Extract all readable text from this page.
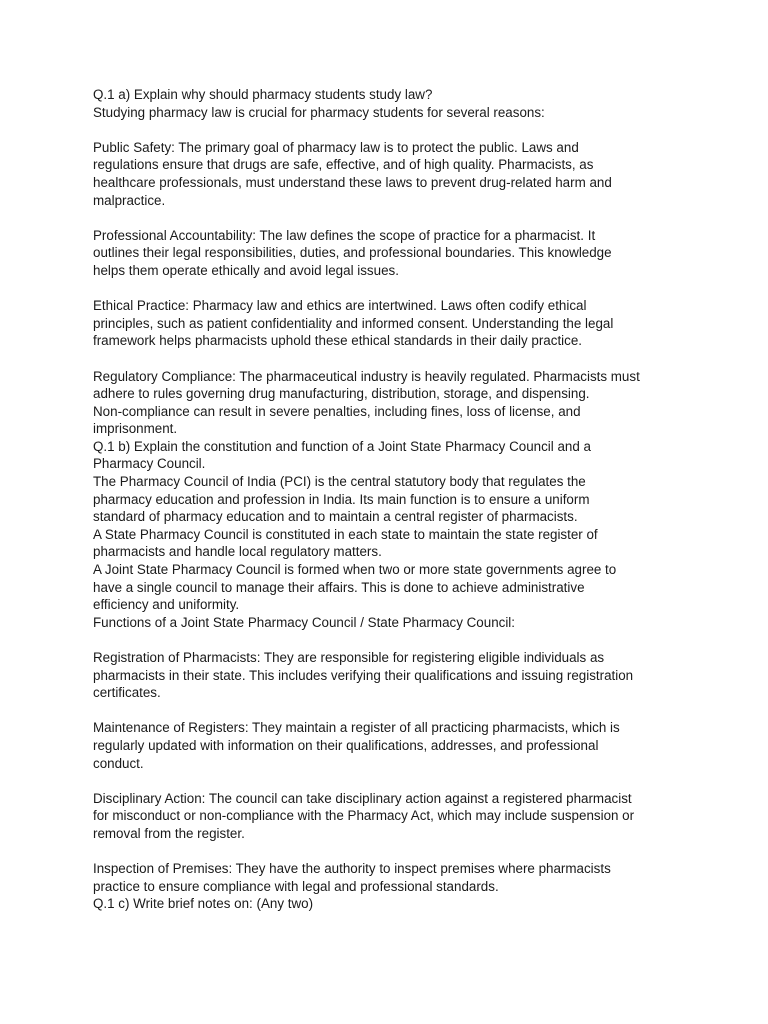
Q.1 a) Explain why should pharmacy students study law?
Studying pharmacy law is crucial for pharmacy students for several reasons:
Public Safety: The primary goal of pharmacy law is to protect the public. Laws and
regulations ensure that drugs are safe, effective, and of high quality. Pharmacists, as
healthcare professionals, must understand these laws to prevent drug-related harm and
malpractice.
Professional Accountability: The law defines the scope of practice for a pharmacist. It
outlines their legal responsibilities, duties, and professional boundaries. This knowledge
helps them operate ethically and avoid legal issues.
Ethical Practice: Pharmacy law and ethics are intertwined. Laws often codify ethical
principles, such as patient confidentiality and informed consent. Understanding the legal
framework helps pharmacists uphold these ethical standards in their daily practice.
Regulatory Compliance: The pharmaceutical industry is heavily regulated. Pharmacists must
adhere to rules governing drug manufacturing, distribution, storage, and dispensing.
Non-compliance can result in severe penalties, including fines, loss of license, and
imprisonment.
Q.1 b) Explain the constitution and function of a Joint State Pharmacy Council and a
Pharmacy Council.
The Pharmacy Council of India (PCI) is the central statutory body that regulates the
pharmacy education and profession in India. Its main function is to ensure a uniform
standard of pharmacy education and to maintain a central register of pharmacists.
A State Pharmacy Council is constituted in each state to maintain the state register of
pharmacists and handle local regulatory matters.
A Joint State Pharmacy Council is formed when two or more state governments agree to
have a single council to manage their affairs. This is done to achieve administrative
efficiency and uniformity.
Functions of a Joint State Pharmacy Council / State Pharmacy Council:
Registration of Pharmacists: They are responsible for registering eligible individuals as
pharmacists in their state. This includes verifying their qualifications and issuing registration
certificates.
Maintenance of Registers: They maintain a register of all practicing pharmacists, which is
regularly updated with information on their qualifications, addresses, and professional
conduct.
Disciplinary Action: The council can take disciplinary action against a registered pharmacist
for misconduct or non-compliance with the Pharmacy Act, which may include suspension or
removal from the register.
Inspection of Premises: They have the authority to inspect premises where pharmacists
practice to ensure compliance with legal and professional standards.
Q.1 c) Write brief notes on: (Any two)
